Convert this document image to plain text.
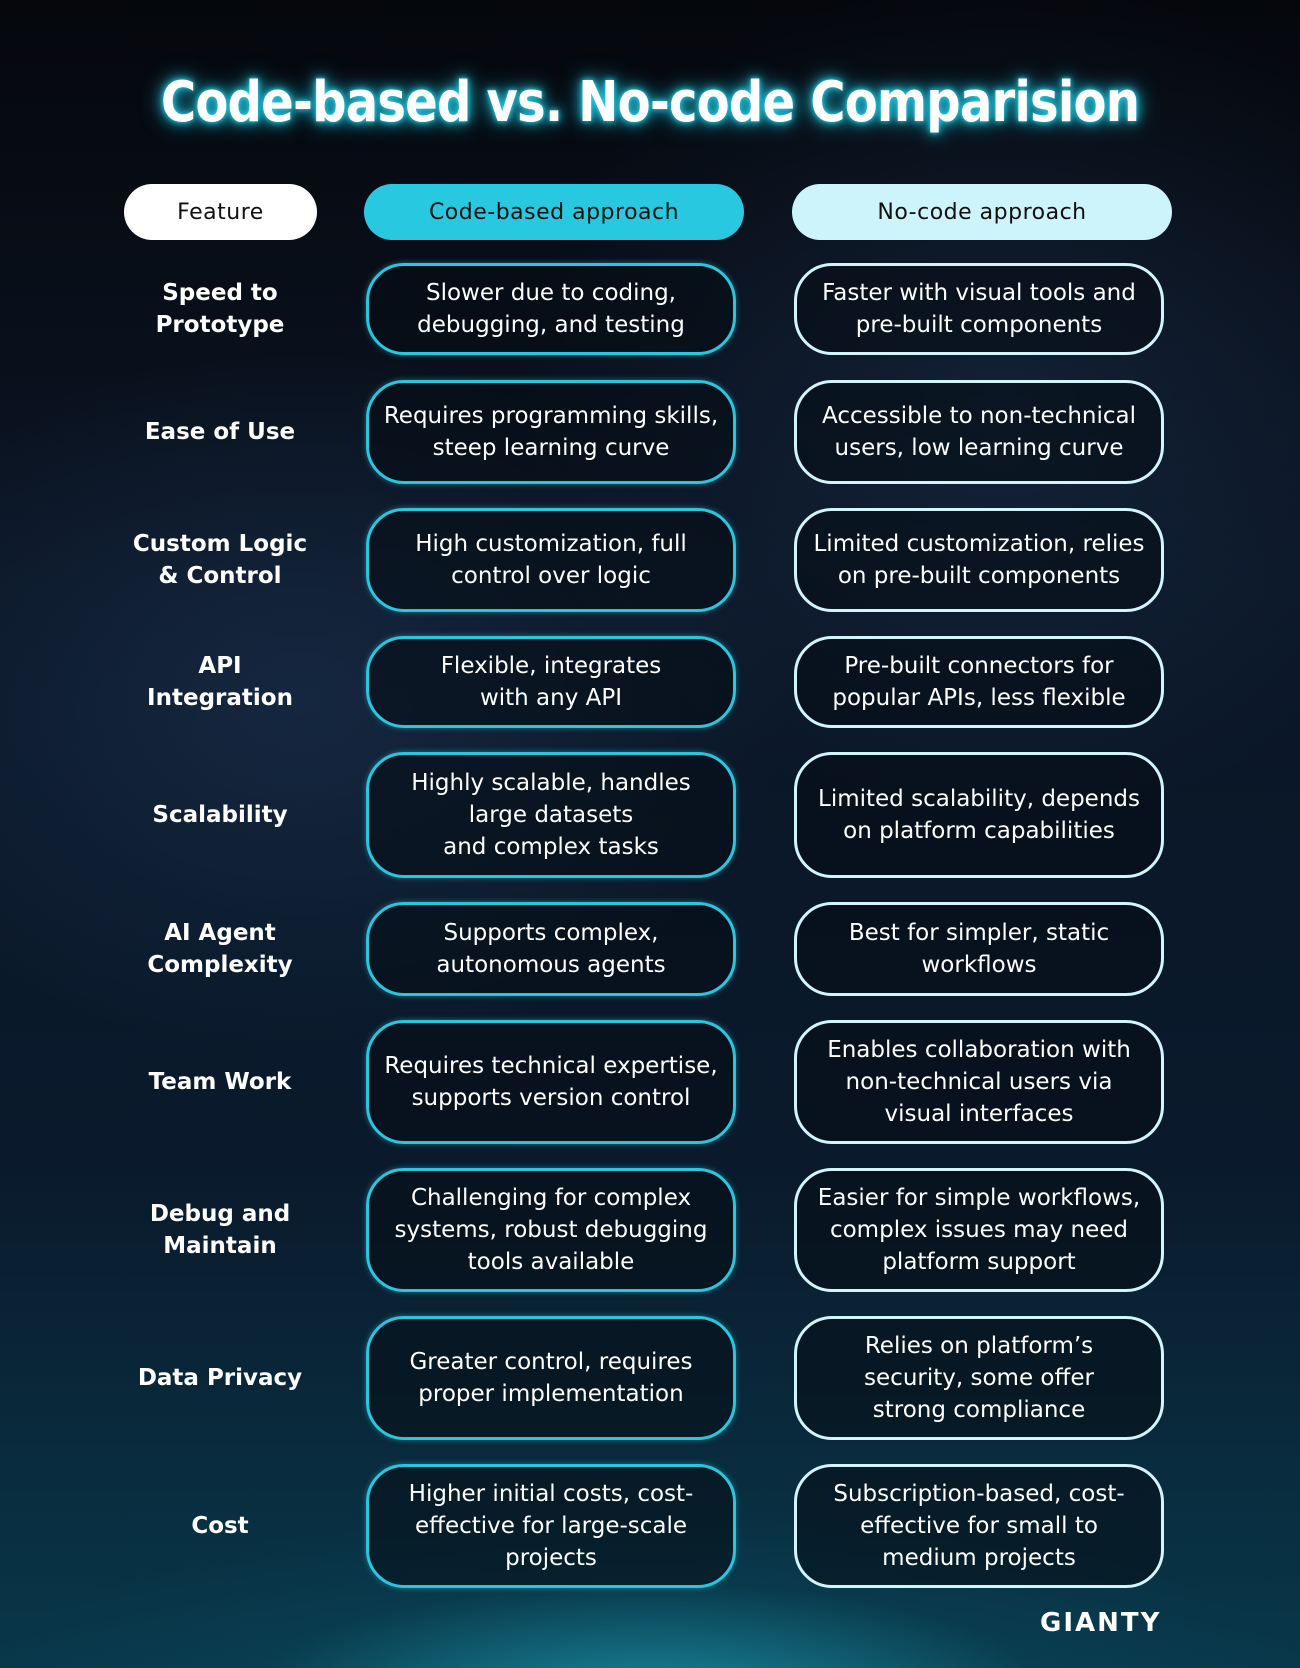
Code-based vs. No-code Comparision
Feature	Code-based approach	No-code approach
Speed to
Prototype
Slower due to coding,
debugging, and testing
Faster with visual tools and
pre-built components
Ease of Use
Requires programming skills,
steep learning curve
Accessible to non-technical
users, low learning curve
Custom Logic
& Control
High customization, full
control over logic
Limited customization, relies
on pre-built components
API
Integration
Flexible, integrates
with any API
Pre-built connectors for
popular APIs, less flexible
Scalability
Highly scalable, handles
large datasets
and complex tasks
Limited scalability, depends
on platform capabilities
AI Agent
Complexity
Supports complex,
autonomous agents
Best for simpler, static
workflows
Team Work
Requires technical expertise,
supports version control
Enables collaboration with
non-technical users via
visual interfaces
Debug and
Maintain
Challenging for complex
systems, robust debugging
tools available
Easier for simple workflows,
complex issues may need
platform support
Data Privacy
Greater control, requires
proper implementation
Relies on platform’s
security, some offer
strong compliance
Cost
Higher initial costs, cost-
effective for large-scale
projects
Subscription-based, cost-
effective for small to
medium projects
GIANTY
